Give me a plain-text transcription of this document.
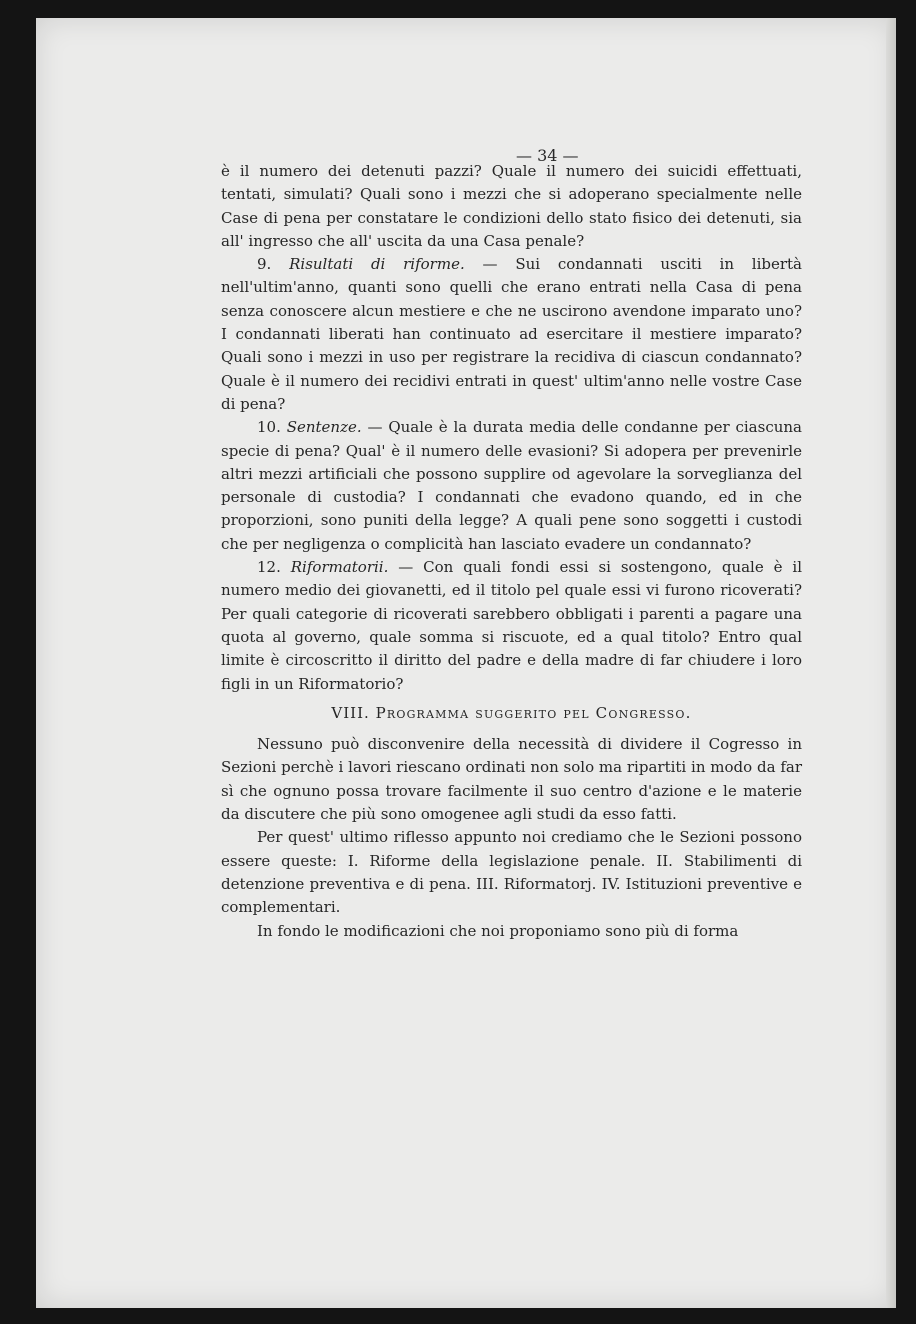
— 34 —

è il numero dei detenuti pazzi? Quale il numero dei suicidi effettuati, tentati, simulati? Quali sono i mezzi che si adoperano specialmente nelle Case di pena per constatare le condizioni dello stato fisico dei detenuti, sia all' ingresso che all' uscita da una Casa penale?

9. Risultati di riforme. — Sui condannati usciti in libertà nell'ultim'anno, quanti sono quelli che erano entrati nella Casa di pena senza conoscere alcun mestiere e che ne uscirono avendone imparato uno? I condannati liberati han continuato ad esercitare il mestiere imparato? Quali sono i mezzi in uso per registrare la recidiva di ciascun condannato? Quale è il numero dei recidivi entrati in quest' ultim'anno nelle vostre Case di pena?

10. Sentenze. — Quale è la durata media delle condanne per ciascuna specie di pena? Qual' è il numero delle evasioni? Si adopera per prevenirle altri mezzi artificiali che possono supplire od agevolare la sorveglianza del personale di custodia? I condannati che evadono quando, ed in che proporzioni, sono puniti della legge? A quali pene sono soggetti i custodi che per negligenza o complicità han lasciato evadere un condannato?

12. Riformatorii. — Con quali fondi essi si sostengono, quale è il numero medio dei giovanetti, ed il titolo pel quale essi vi furono ricoverati? Per quali categorie di ricoverati sarebbero obbligati i parenti a pagare una quota al governo, quale somma si riscuote, ed a qual titolo? Entro qual limite è circoscritto il diritto del padre e della madre di far chiudere i loro figli in un Riformatorio?

VIII. Programma suggerito pel Congresso.

Nessuno può disconvenire della necessità di dividere il Cogresso in Sezioni perchè i lavori riescano ordinati non solo ma ripartiti in modo da far sì che ognuno possa trovare facilmente il suo centro d'azione e le materie da discutere che più sono omogenee agli studi da esso fatti.

Per quest' ultimo riflesso appunto noi crediamo che le Sezioni possono essere queste: I. Riforme della legislazione penale. II. Stabilimenti di detenzione preventiva e di pena. III. Riformatorj. IV. Istituzioni preventive e complementari.

In fondo le modificazioni che noi proponiamo sono più di forma
